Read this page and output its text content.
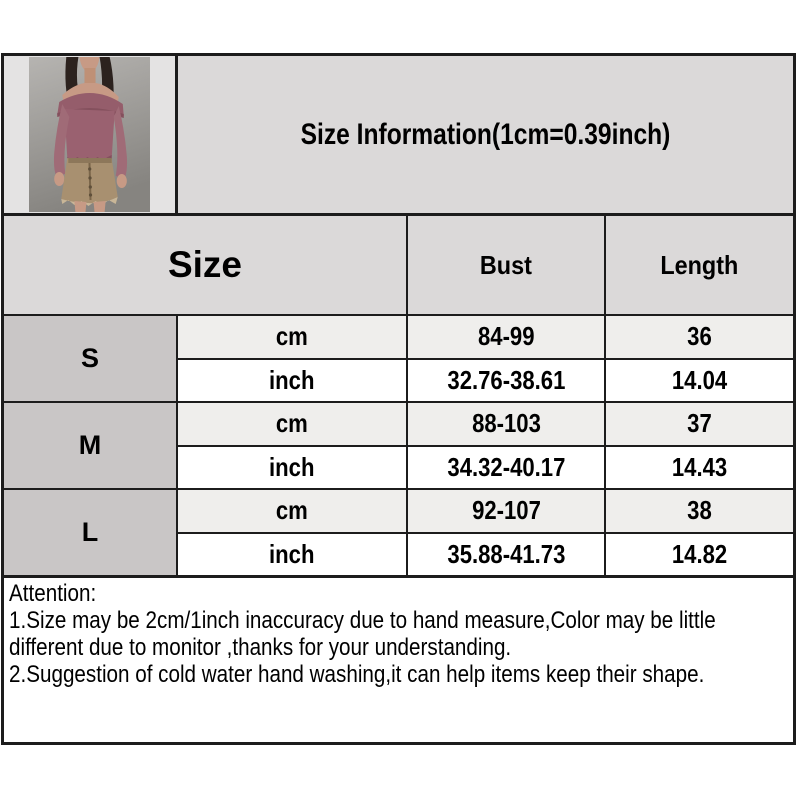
Size Information(1cm=0.39inch)
Size	Bust	Length
S
cm	84-99	36
inch	32.76-38.61	14.04
M
cm	88-103	37
inch	34.32-40.17	14.43
L
cm	92-107	38
inch	35.88-41.73	14.82
Attention:
1.Size may be 2cm/1inch inaccuracy due to hand measure,Color may be little
different due to monitor ,thanks for your understanding.
2.Suggestion of cold water hand washing,it can help items keep their shape.
